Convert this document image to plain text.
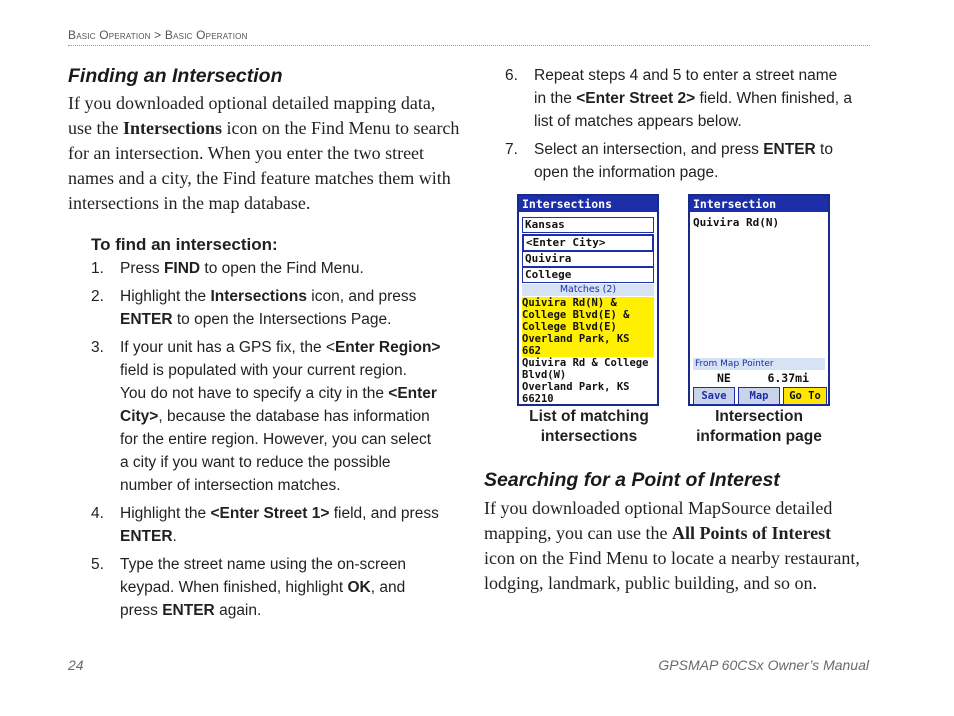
Basic Operation > Basic Operation
Finding an Intersection
If you downloaded optional detailed mapping data,
use the Intersections icon on the Find Menu to search
for an intersection. When you enter the two street
names and a city, the Find feature matches them with
intersections in the map database.
To find an intersection:
1. Press FIND to open the Find Menu.
2. Highlight the Intersections icon, and press
ENTER to open the Intersections Page.
3. If your unit has a GPS fix, the <Enter Region>
field is populated with your current region.
You do not have to specify a city in the <Enter
City>, because the database has information
for the entire region. However, you can select
a city if you want to reduce the possible
number of intersection matches.
4. Highlight the <Enter Street 1> field, and press
ENTER.
5. Type the street name using the on-screen
keypad. When finished, highlight OK, and
press ENTER again.
6. Repeat steps 4 and 5 to enter a street name
in the <Enter Street 2> field. When finished, a
list of matches appears below.
7. Select an intersection, and press ENTER to
open the information page.
Intersections
Kansas
<Enter City>
Quivira
College
Matches (2)
Quivira Rd(N) &
College Blvd(E) &
College Blvd(E)
Overland Park, KS 662
Quivira Rd & College
Blvd(W)
Overland Park, KS
66210
List of matching
intersections
Intersection
Quivira Rd(N)
From Map Pointer
NE	6.37mi
Save	Map	Go To
Intersection
information page
Searching for a Point of Interest
If you downloaded optional MapSource detailed
mapping, you can use the All Points of Interest
icon on the Find Menu to locate a nearby restaurant,
lodging, landmark, public building, and so on.
24	GPSMAP 60CSx Owner’s Manual
